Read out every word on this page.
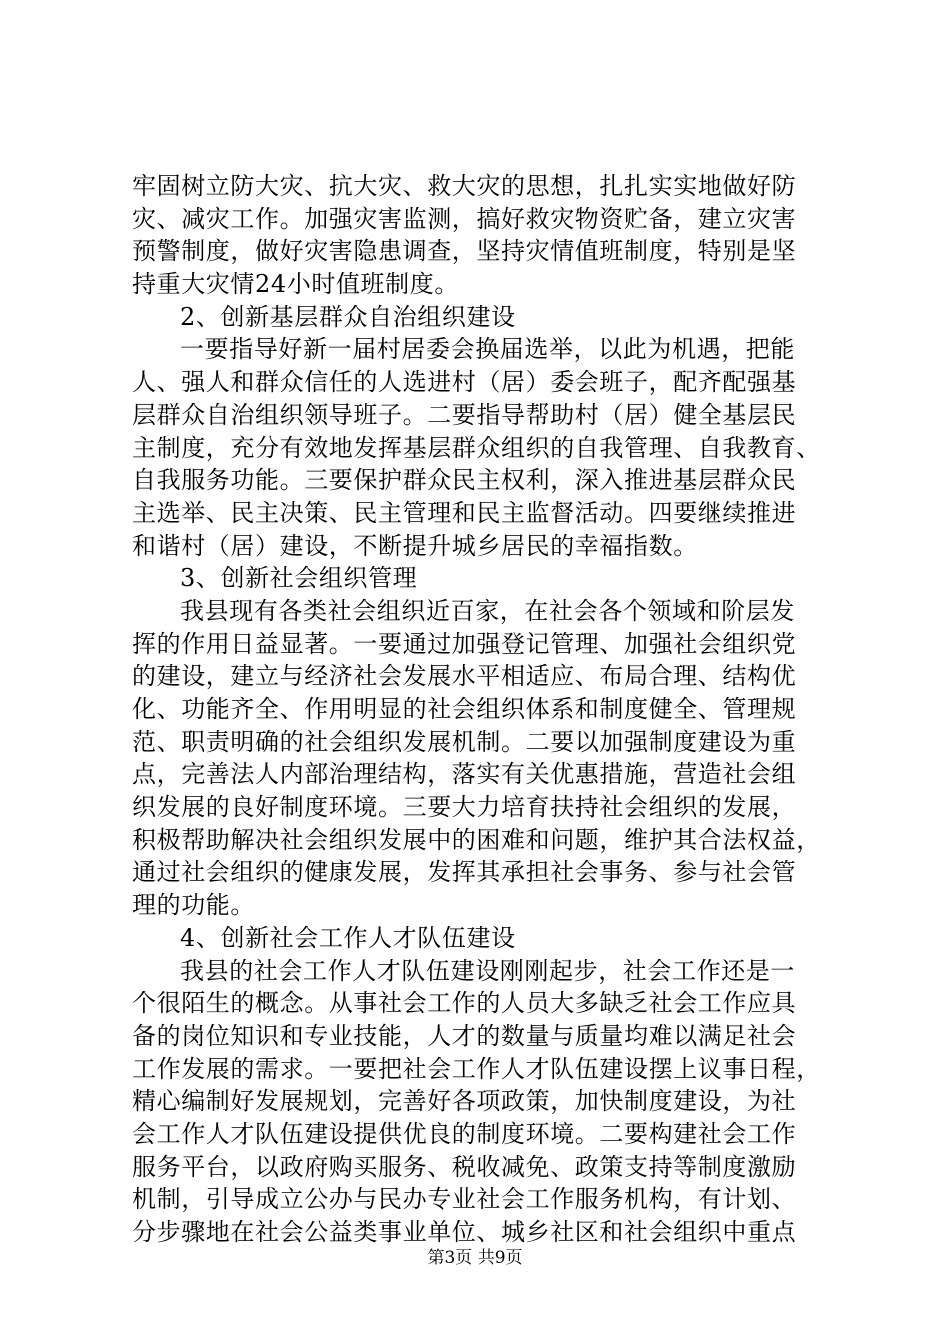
牢固树立防大灾、抗大灾、救大灾的思想，扎扎实实地做好防
灾、减灾工作。加强灾害监测，搞好救灾物资贮备，建立灾害
预警制度，做好灾害隐患调查，坚持灾情值班制度，特别是坚
持重大灾情24小时值班制度。
2、创新基层群众自治组织建设
一要指导好新一届村居委会换届选举，以此为机遇，把能
人、强人和群众信任的人选进村（居）委会班子，配齐配强基
层群众自治组织领导班子。二要指导帮助村（居）健全基层民
主制度，充分有效地发挥基层群众组织的自我管理、自我教育、
自我服务功能。三要保护群众民主权利，深入推进基层群众民
主选举、民主决策、民主管理和民主监督活动。四要继续推进
和谐村（居）建设，不断提升城乡居民的幸福指数。
3、创新社会组织管理
我县现有各类社会组织近百家，在社会各个领域和阶层发
挥的作用日益显著。一要通过加强登记管理、加强社会组织党
的建设，建立与经济社会发展水平相适应、布局合理、结构优
化、功能齐全、作用明显的社会组织体系和制度健全、管理规
范、职责明确的社会组织发展机制。二要以加强制度建设为重
点，完善法人内部治理结构，落实有关优惠措施，营造社会组
织发展的良好制度环境。三要大力培育扶持社会组织的发展，
积极帮助解决社会组织发展中的困难和问题，维护其合法权益，
通过社会组织的健康发展，发挥其承担社会事务、参与社会管
理的功能。
4、创新社会工作人才队伍建设
我县的社会工作人才队伍建设刚刚起步，社会工作还是一
个很陌生的概念。从事社会工作的人员大多缺乏社会工作应具
备的岗位知识和专业技能，人才的数量与质量均难以满足社会
工作发展的需求。一要把社会工作人才队伍建设摆上议事日程，
精心编制好发展规划，完善好各项政策，加快制度建设，为社
会工作人才队伍建设提供优良的制度环境。二要构建社会工作
服务平台，以政府购买服务、税收减免、政策支持等制度激励
机制，引导成立公办与民办专业社会工作服务机构，有计划、
分步骤地在社会公益类事业单位、城乡社区和社会组织中重点
第3页 共9页
